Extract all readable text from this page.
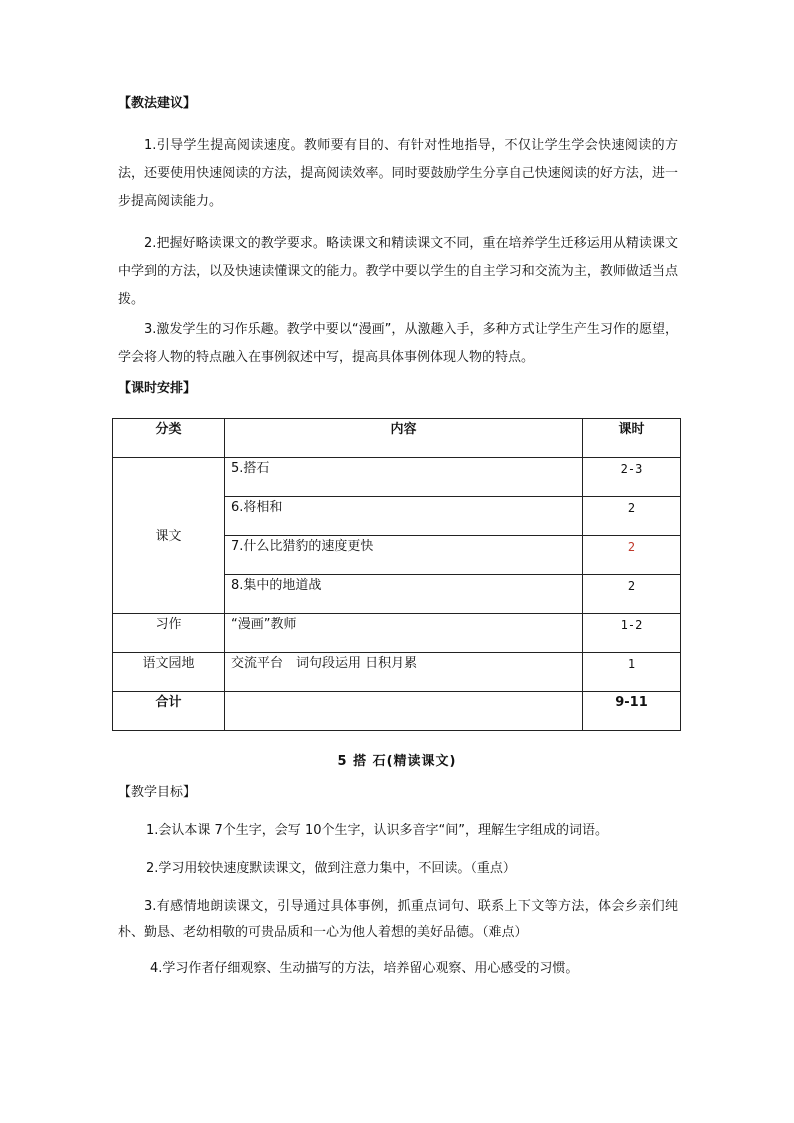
【教法建议】

1.引导学生提高阅读速度。教师要有目的、有针对性地指导，不仅让学生学会快速阅读的方法，还要使用快速阅读的方法，提高阅读效率。同时要鼓励学生分享自己快速阅读的好方法，进一步提高阅读能力。

2.把握好略读课文的教学要求。略读课文和精读课文不同，重在培养学生迁移运用从精读课文中学到的方法，以及快速读懂课文的能力。教学中要以学生的自主学习和交流为主，教师做适当点拨。

3.激发学生的习作乐趣。教学中要以“漫画”，从激趣入手，多种方式让学生产生习作的愿望，学会将人物的特点融入在事例叙述中写，提高具体事例体现人物的特点。

【课时安排】
分类	内容	课时
课文	5.搭石	2-3
	6.将相和	2
	7.什么比猎豹的速度更快	2
	8.集中的地道战	2
习作	“漫画”教师	1-2
语文园地	交流平台　词句段运用 日积月累	1
合计		9-11
5 搭 石(精读课文)
【教学目标】

1.会认本课 7个生字，会写 10个生字，认识多音字“间”，理解生字组成的词语。

2.学习用较快速度默读课文，做到注意力集中，不回读。（重点）

3.有感情地朗读课文，引导通过具体事例，抓重点词句、联系上下文等方法，体会乡亲们纯朴、勤恳、老幼相敬的可贵品质和一心为他人着想的美好品德。（难点）

4.学习作者仔细观察、生动描写的方法，培养留心观察、用心感受的习惯。
